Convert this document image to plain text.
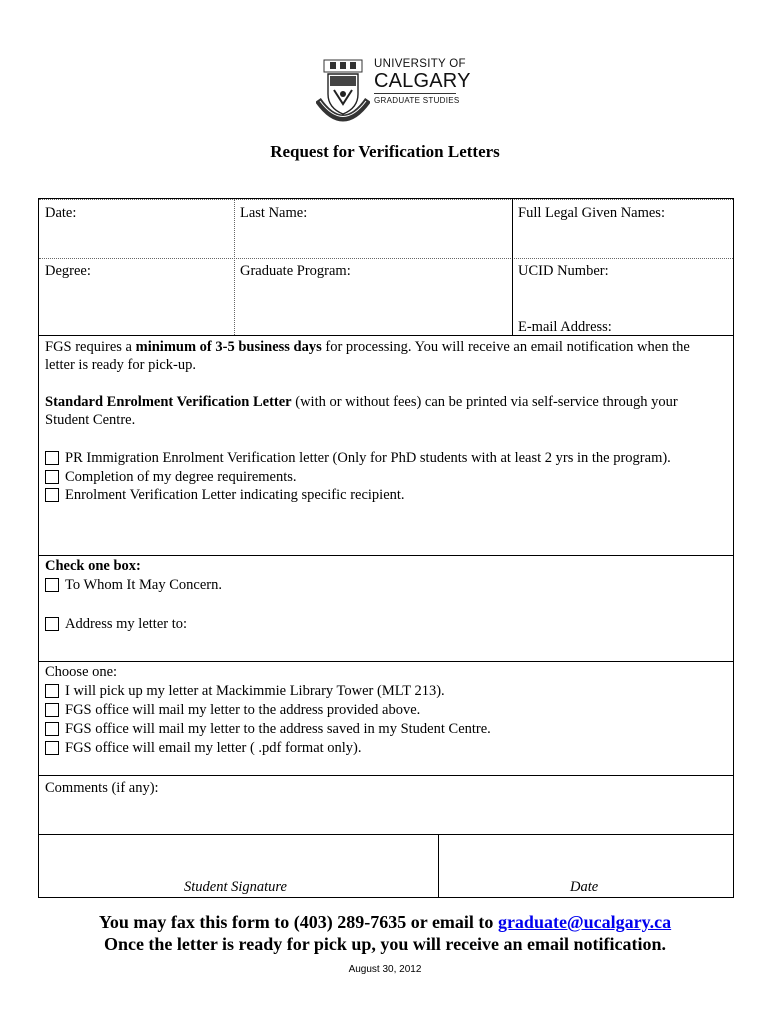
UNIVERSITY OF
CALGARY
GRADUATE STUDIES
Request for Verification Letters
Date:	Last Name:	Full Legal Given Names:
Degree:	Graduate Program:	UCID Number:
E-mail Address:
FGS requires a minimum of 3-5 business days for processing. You will receive an email notification when the letter is ready for pick-up.
Standard Enrolment Verification Letter (with or without fees) can be printed via self-service through your Student Centre.
PR Immigration Enrolment Verification letter (Only for PhD students with at least 2 yrs in the program).
Completion of my degree requirements.
Enrolment Verification Letter indicating specific recipient.
Check one box:
To Whom It May Concern.
Address my letter to:
Choose one:
I will pick up my letter at Mackimmie Library Tower (MLT 213).
FGS office will mail my letter to the address provided above.
FGS office will mail my letter to the address saved in my Student Centre.
FGS office will email my letter ( .pdf format only).
Comments (if any):
Student Signature	Date
You may fax this form to (403) 289-7635 or email to graduate@ucalgary.ca
Once the letter is ready for pick up, you will receive an email notification.
August 30, 2012
